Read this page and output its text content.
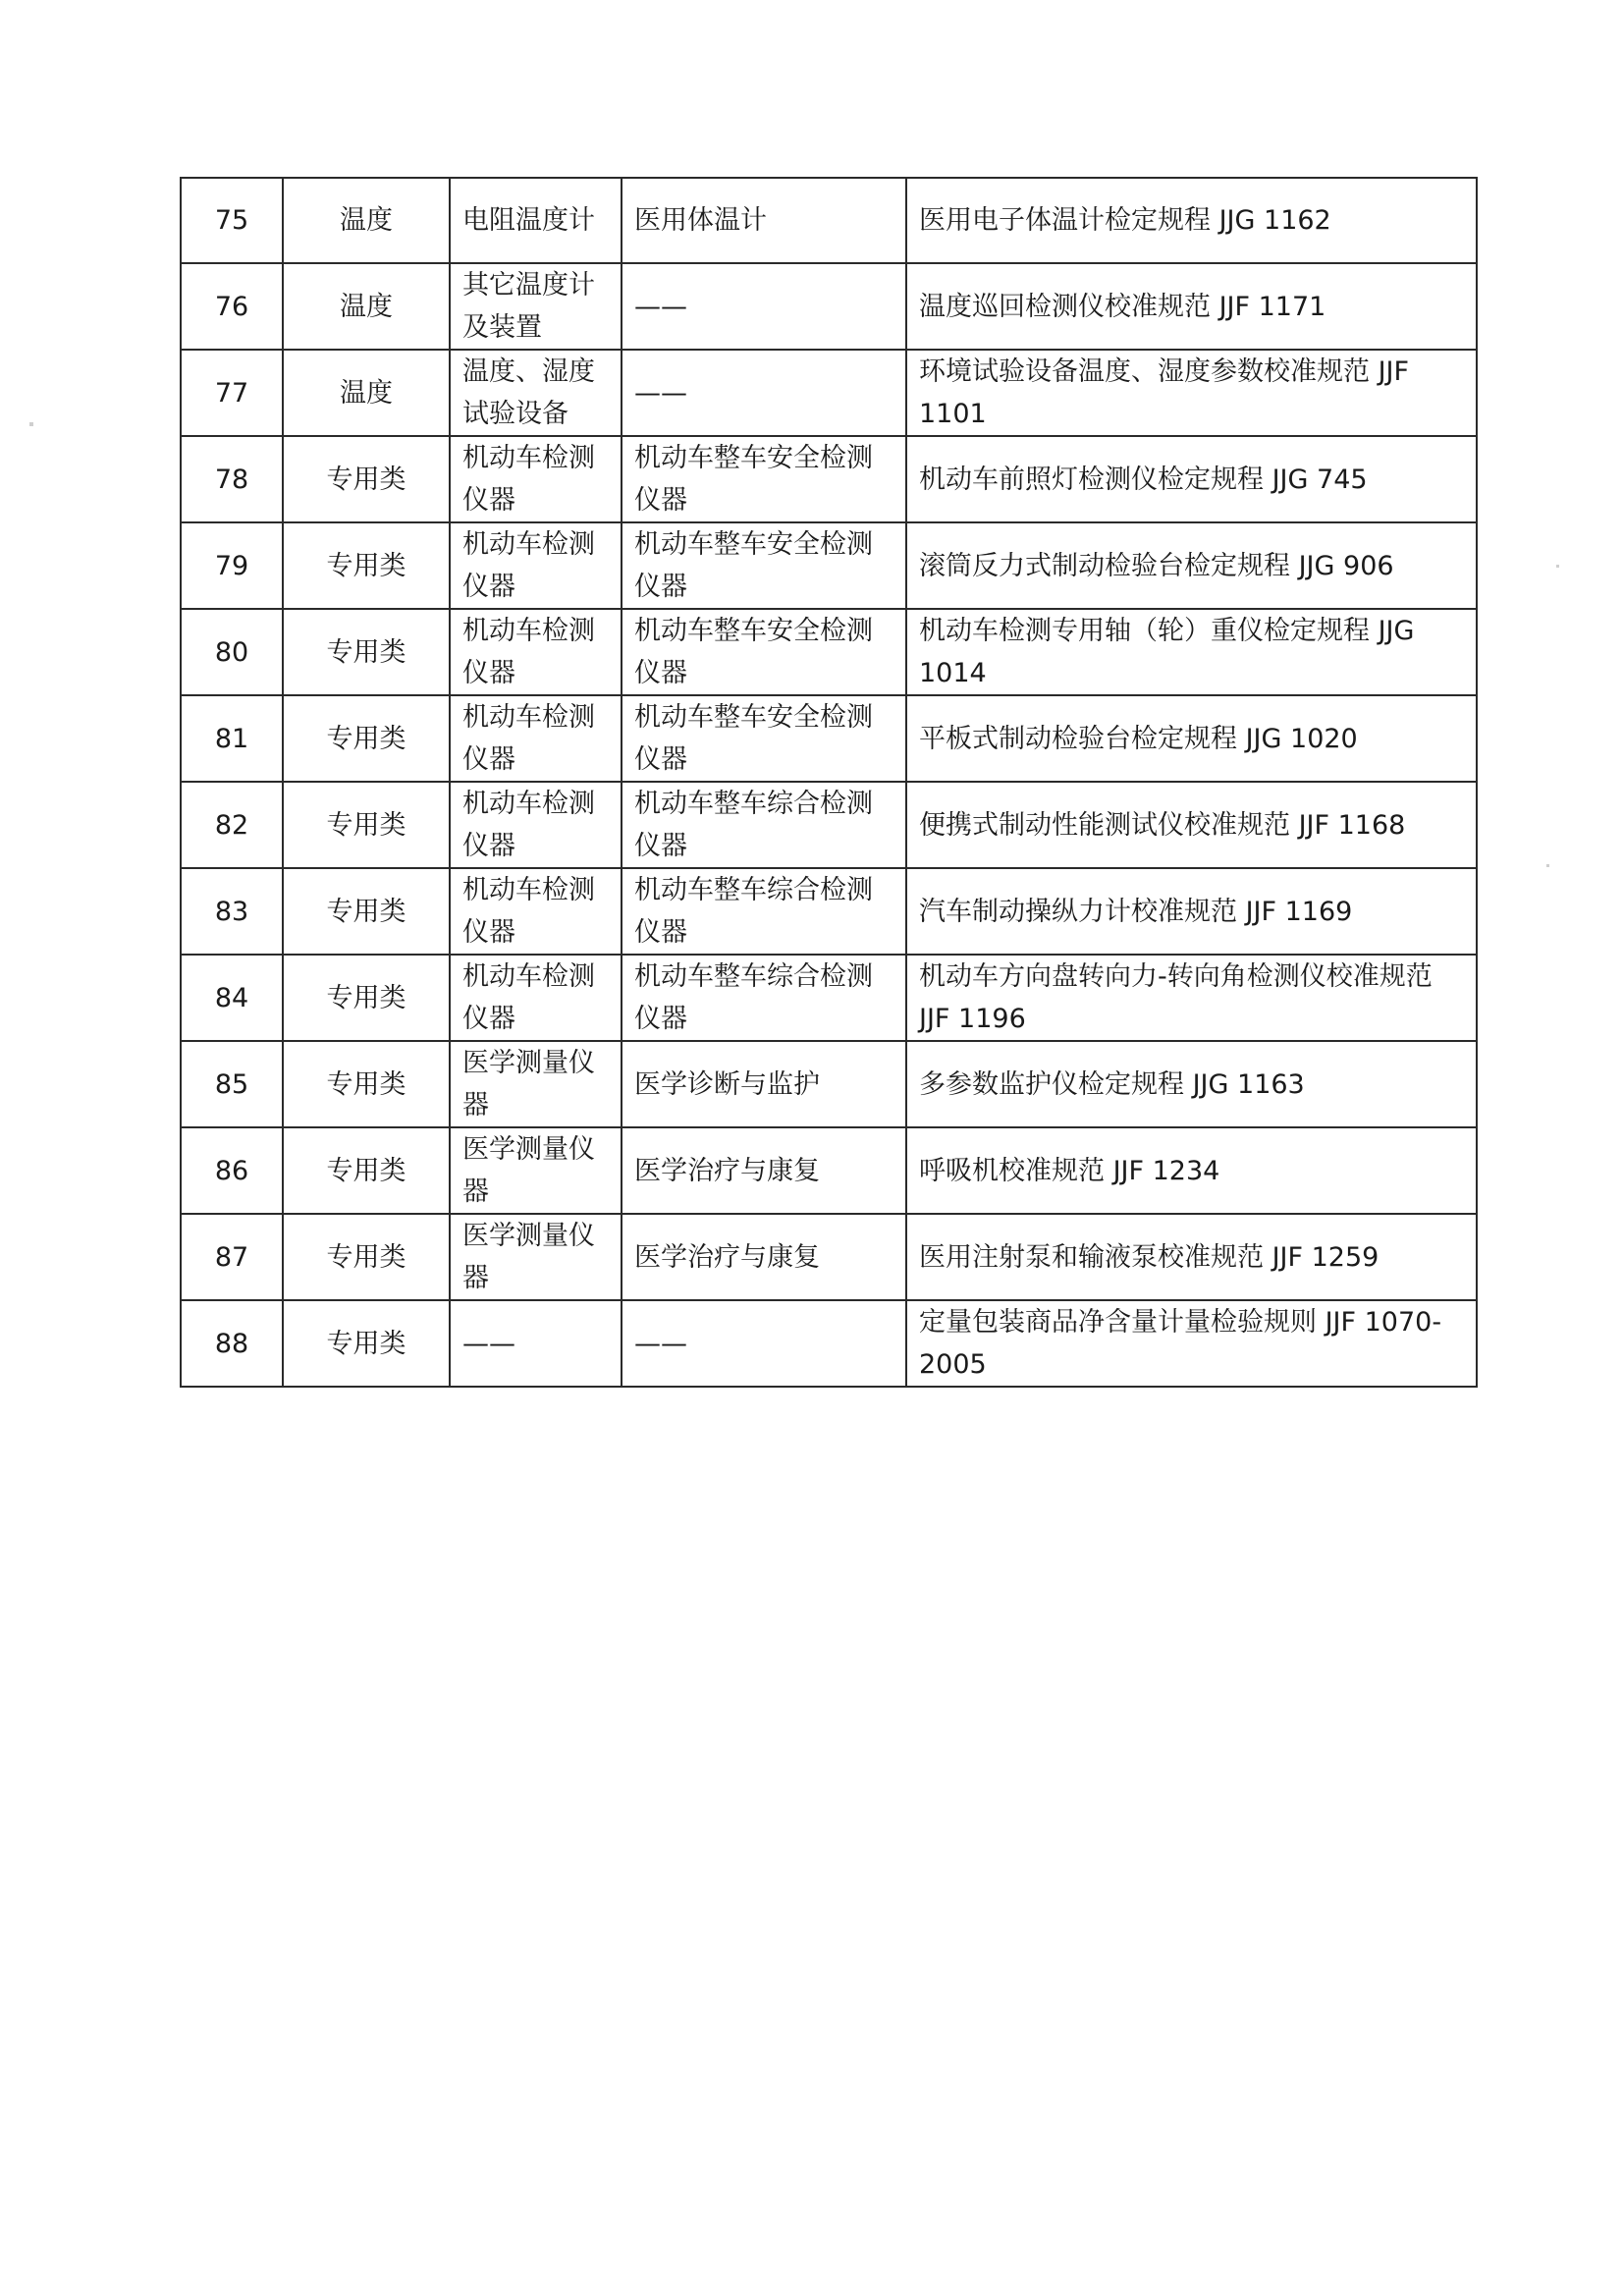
75	温度	电阻温度计	医用体温计	医用电子体温计检定规程 JJG 1162
76	温度	其它温度计及装置	——	温度巡回检测仪校准规范 JJF 1171
77	温度	温度、湿度试验设备	——	环境试验设备温度、湿度参数校准规范 JJF 1101
78	专用类	机动车检测仪器	机动车整车安全检测仪器	机动车前照灯检测仪检定规程 JJG 745
79	专用类	机动车检测仪器	机动车整车安全检测仪器	滚筒反力式制动检验台检定规程 JJG 906
80	专用类	机动车检测仪器	机动车整车安全检测仪器	机动车检测专用轴（轮）重仪检定规程 JJG 1014
81	专用类	机动车检测仪器	机动车整车安全检测仪器	平板式制动检验台检定规程 JJG 1020
82	专用类	机动车检测仪器	机动车整车综合检测仪器	便携式制动性能测试仪校准规范 JJF 1168
83	专用类	机动车检测仪器	机动车整车综合检测仪器	汽车制动操纵力计校准规范 JJF 1169
84	专用类	机动车检测仪器	机动车整车综合检测仪器	机动车方向盘转向力-转向角检测仪校准规范 JJF 1196
85	专用类	医学测量仪器	医学诊断与监护	多参数监护仪检定规程 JJG 1163
86	专用类	医学测量仪器	医学治疗与康复	呼吸机校准规范 JJF 1234
87	专用类	医学测量仪器	医学治疗与康复	医用注射泵和输液泵校准规范 JJF 1259
88	专用类	——	——	定量包装商品净含量计量检验规则 JJF 1070-2005
